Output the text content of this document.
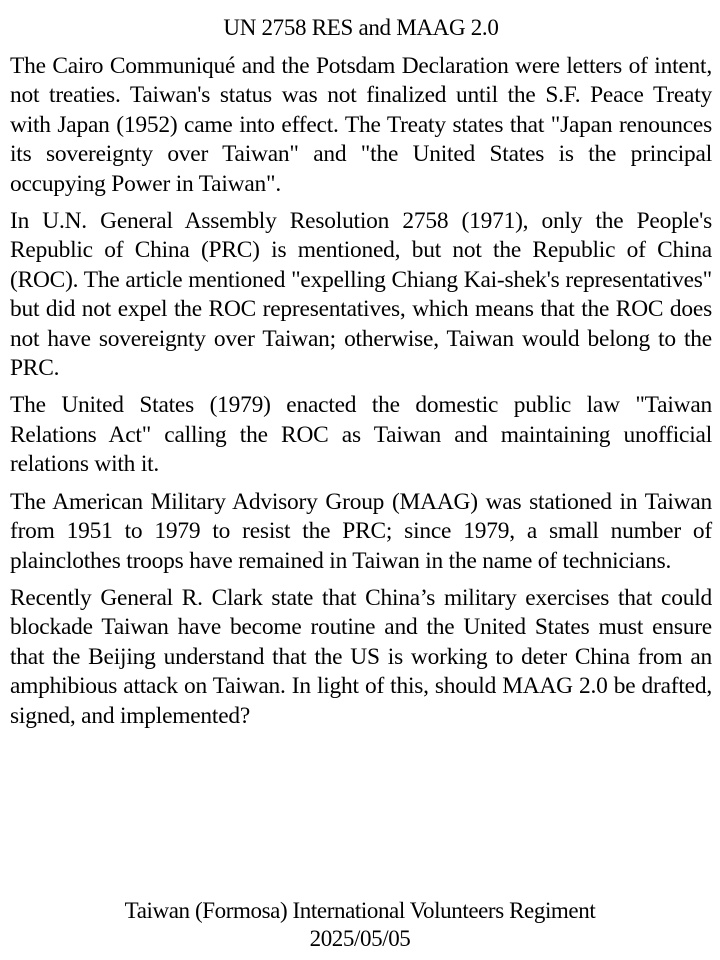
UN 2758 RES and MAAG 2.0

The Cairo Communiqué and the Potsdam Declaration were letters of intent, not treaties. Taiwan's status was not finalized until the S.F. Peace Treaty with Japan (1952) came into effect. The Treaty states that "Japan renounces its sovereignty over Taiwan" and "the United States is the principal occupying Power in Taiwan".

In U.N. General Assembly Resolution 2758 (1971), only the People's Republic of China (PRC) is mentioned, but not the Republic of China (ROC). The article mentioned "expelling Chiang Kai-shek's representatives" but did not expel the ROC representatives, which means that the ROC does not have sovereignty over Taiwan; otherwise, Taiwan would belong to the PRC.

The United States (1979) enacted the domestic public law "Taiwan Relations Act" calling the ROC as Taiwan and maintaining unofficial relations with it.

The American Military Advisory Group (MAAG) was stationed in Taiwan from 1951 to 1979 to resist the PRC; since 1979, a small number of plainclothes troops have remained in Taiwan in the name of technicians.

Recently General R. Clark state that China’s military exercises that could blockade Taiwan have become routine and the United States must ensure that the Beijing understand that the US is working to deter China from an amphibious attack on Taiwan. In light of this, should MAAG 2.0 be drafted, signed, and implemented?

Taiwan (Formosa) International Volunteers Regiment
2025/05/05
